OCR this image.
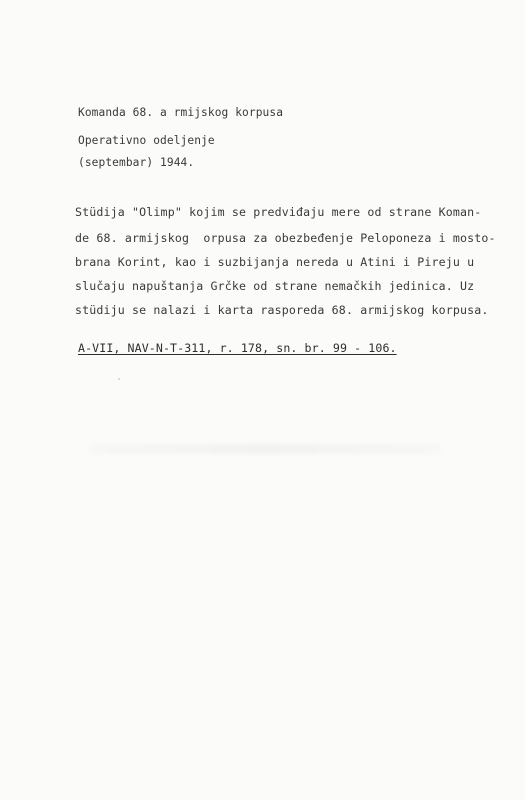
Komanda 68. a rmijskog korpusa
Operativno odeljenje
(septembar) 1944.
Stüdija "Olimp" kojim se predviđaju mere od strane Koman-
de 68. armijskog  orpusa za obezbeđenje Peloponeza i mosto-
brana Korint, kao i suzbijanja nereda u Atini i Pireju u
slučaju napuštanja Grčke od strane nemačkih jedinica. Uz
stüdiju se nalazi i karta rasporeda 68. armijskog korpusa.
A-VII, NAV-N-T-311, r. 178, sn. br. 99 - 106.
